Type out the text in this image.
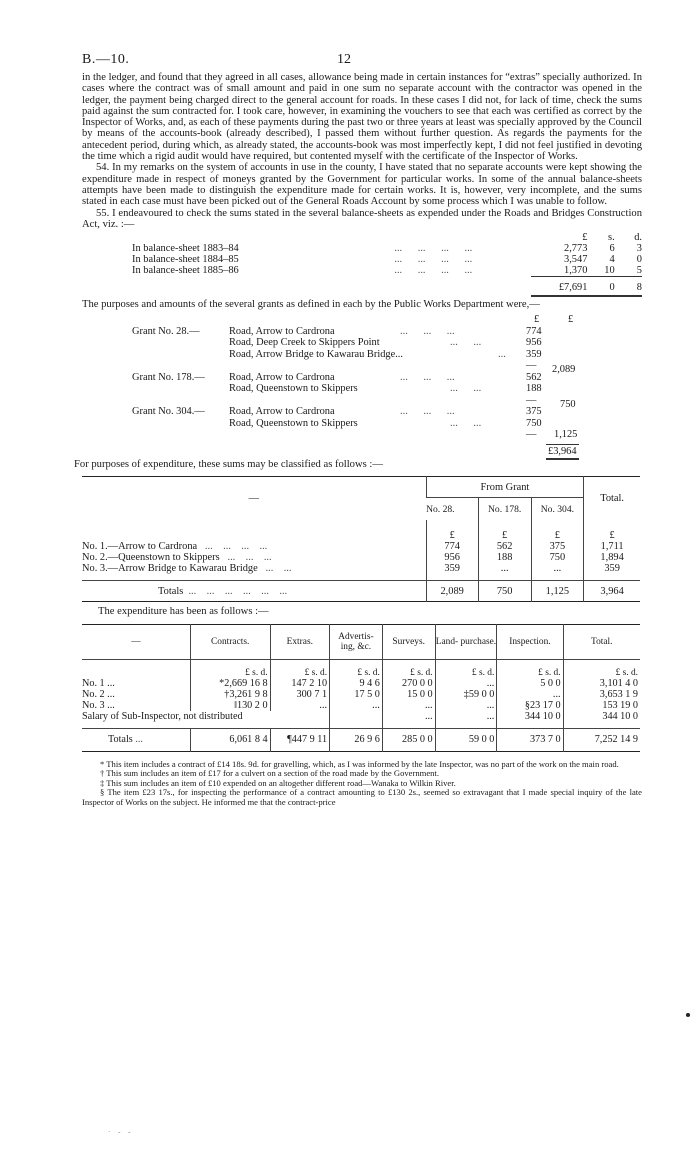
B.—10.	12

in the ledger, and found that they agreed in all cases, allowance being made in certain instances for “extras” specially authorized. In cases where the contract was of small amount and paid in one sum no separate account with the contractor was opened in the ledger, the payment being charged direct to the general account for roads. In these cases I did not, for lack of time, check the sums paid against the sum contracted for. I took care, however, in examining the vouchers to see that each was certified as correct by the Inspector of Works, and, as each of these payments during the past two or three years at least was specially approved by the Council by means of the accounts-book (already described), I passed them without further question. As regards the payments for the antecedent period, during which, as already stated, the accounts-book was most imperfectly kept, I did not feel justified in devoting the time which a rigid audit would have required, but contented myself with the certificate of the Inspector of Works.

54. In my remarks on the system of accounts in use in the county, I have stated that no separate accounts were kept showing the expenditure made in respect of moneys granted by the Government for particular works. In some of the annual balance-sheets attempts have been made to distinguish the expenditure made for certain works. It is, however, very incomplete, and the sums stated in each case must have been picked out of the General Roads Account by some process which I was unable to follow.

55. I endeavoured to check the sums stated in the several balance-sheets as expended under the Roads and Bridges Construction Act, viz. :—

		£	s.	d.
In balance-sheet 1883–84	...      ...      ...      ...	2,773	6	3
In balance-sheet 1884–85	...      ...      ...      ...	3,547	4	0
In balance-sheet 1885–86	...      ...      ...      ...	1,370	10	5
		£7,691	0	8

The purposes and amounts of the several grants as defined in each by the Public Works Department were,—

£	£
Grant No. 28.—	Road, Arrow to Cardrona	...      ...      ...	774
Road, Deep Creek to Skippers Point	...      ...	956
Road, Arrow Bridge to Kawarau Bridge...	... 359
— 2,089
Grant No. 178.— Road, Arrow to Cardrona	...      ...      ...	562
Road, Queenstown to Skippers	...      ...	188
— 750
Grant No. 304.— Road, Arrow to Cardrona	...      ...      ...	375
Road, Queenstown to Skippers	...      ...	750
— 1,125
£3,964

For purposes of expenditure, these sums may be classified as follows :—

—	From Grant			Total.
	No. 28.	No. 178.	No. 304.	
	£	£	£	£
No. 1.—Arrow to Cardrona   ...    ...    ...    ...	774	562	375	1,711
No. 2.—Queenstown to Skippers   ...    ...    ...	956	188	750	1,894
No. 3.—Arrow Bridge to Kawarau Bridge   ...    ...	359	...	...	359
Totals  ...    ...    ...    ...    ...    ...	2,089	750	1,125	3,964

The expenditure has been as follows :—

—	Contracts.	Extras.	Advertis- ing, &c.	Surveys.	Land- purchase.	Inspection.	Total.
	£ s. d.	£ s. d.	£ s. d.	£ s. d.	£ s. d.	£ s. d.	£ s. d.
No. 1 ...	*2,669 16 8	147 2 10	9 4 6	270 0 0	...	5 0 0	3,101 4 0
No. 2 ...	†3,261 9 8	300 7 1	17 5 0	15 0 0	‡59 0 0	...	3,653 1 9
No. 3 ...	‖130 2 0	...	...	...	...	§23 17 0	153 19 0
Salary of Sub-Inspector, not distributed				...	...	344 10 0	344 10 0
Totals ...	6,061 8 4	¶447 9 11	26 9 6	285 0 0	59 0 0	373 7 0	7,252 14 9

* This item includes a contract of £14 18s. 9d. for gravelling, which, as I was informed by the late Inspector, was no part of the work on the main road.

† This sum includes an item of £17 for a culvert on a section of the road made by the Government.

‡ This sum includes an item of £10 expended on an altogether different road—Wanaka to Wilkin River.

§ The item £23 17s., for inspecting the performance of a contract amounting to £130 2s., seemed so extravagant that I made special inquiry of the late Inspector of Works on the subject. He informed me that the contract-price

· - -
